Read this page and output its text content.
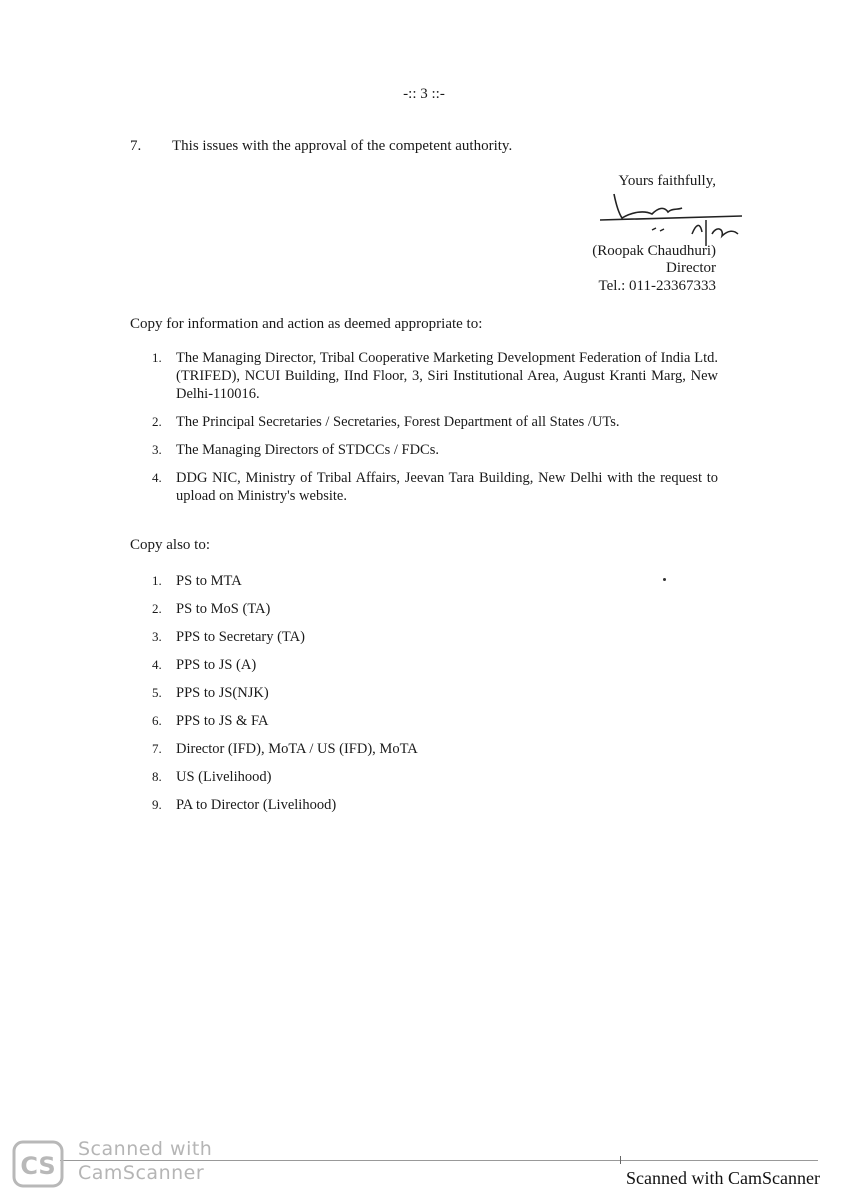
-:: 3 ::-
7. This issues with the approval of the competent authority.
Yours faithfully,
(Roopak Chaudhuri)
Director
Tel.: 011-23367333
Copy for information and action as deemed appropriate to:
1. The Managing Director, Tribal Cooperative Marketing Development Federation of India Ltd. (TRIFED), NCUI Building, IInd Floor, 3, Siri Institutional Area, August Kranti Marg, New Delhi-110016.
2. The Principal Secretaries / Secretaries, Forest Department of all States /UTs.
3. The Managing Directors of STDCCs / FDCs.
4. DDG NIC, Ministry of Tribal Affairs, Jeevan Tara Building, New Delhi with the request to upload on Ministry's website.
Copy also to:
1. PS to MTA
2. PS to MoS (TA)
3. PPS to Secretary (TA)
4. PPS to JS (A)
5. PPS to JS(NJK)
6. PPS to JS & FA
7. Director (IFD), MoTA / US (IFD), MoTA
8. US (Livelihood)
9. PA to Director (Livelihood)
CS
Scanned with
CamScanner	Scanned with CamScanner
